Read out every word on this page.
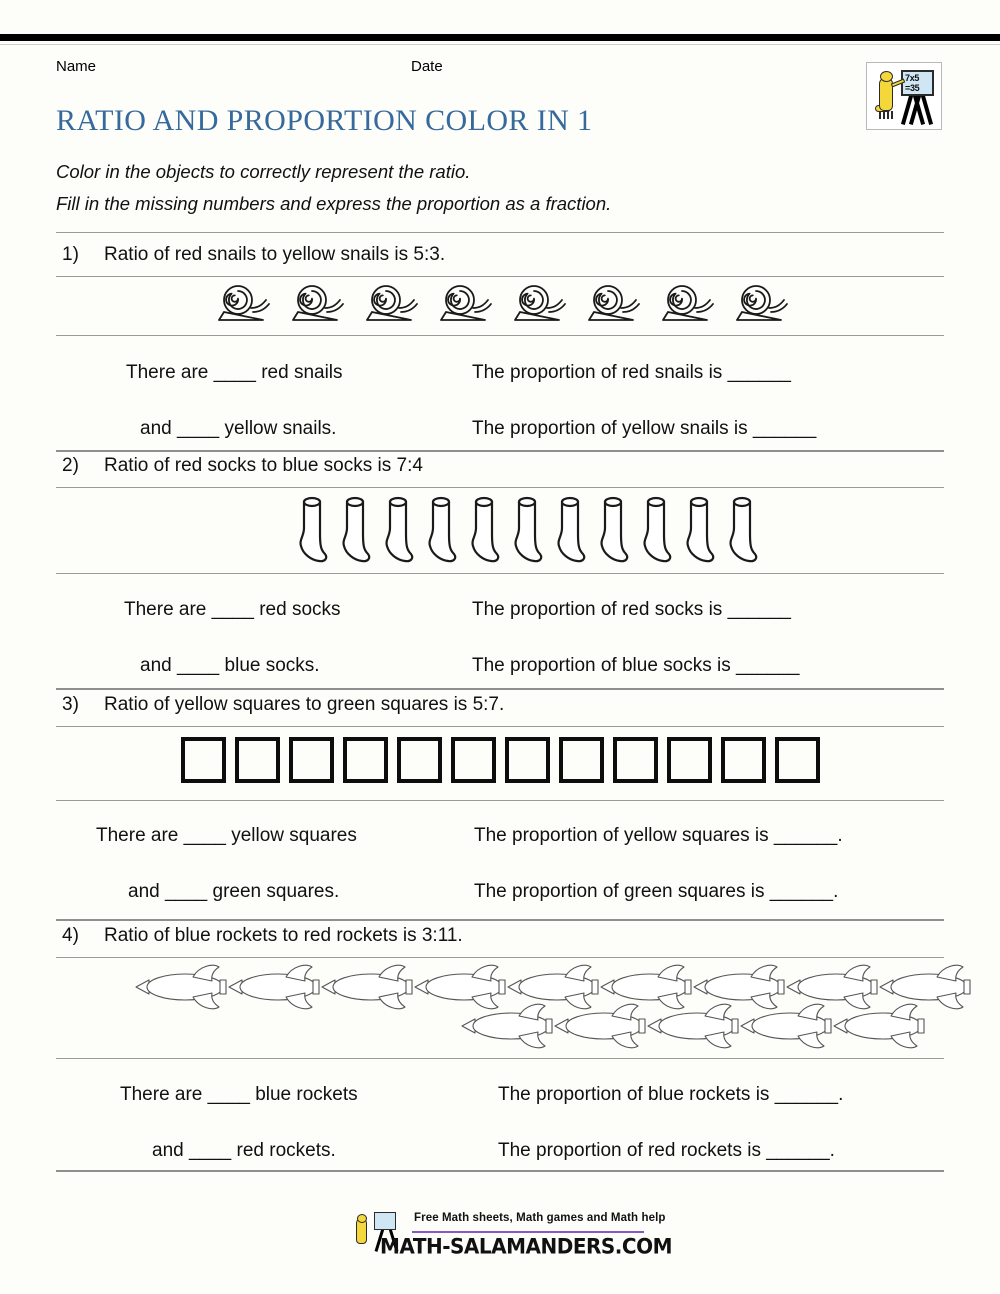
Name	Date
7x5
=35
RATIO AND PROPORTION COLOR IN 1
Color in the objects to correctly represent the ratio.
Fill in the missing numbers and express the proportion as a fraction.
1) Ratio of red snails to yellow snails is 5:3.
There are ____ red snails	The proportion of red snails is ______
and ____ yellow snails.	The proportion of yellow snails is ______
2) Ratio of red socks to blue socks is 7:4
There are ____ red socks	The proportion of red socks is ______
and ____ blue socks.	The proportion of blue socks is ______
3) Ratio of yellow squares to green squares is 5:7.
There are ____ yellow squares	The proportion of yellow squares is ______.
and ____ green squares.	The proportion of green squares is ______.
4) Ratio of blue rockets to red rockets is 3:11.
There are ____ blue rockets	The proportion of blue rockets is ______.
and ____ red rockets.	The proportion of red rockets is ______.
Free Math sheets, Math games and Math help
MATH-SALAMANDERS.COM
